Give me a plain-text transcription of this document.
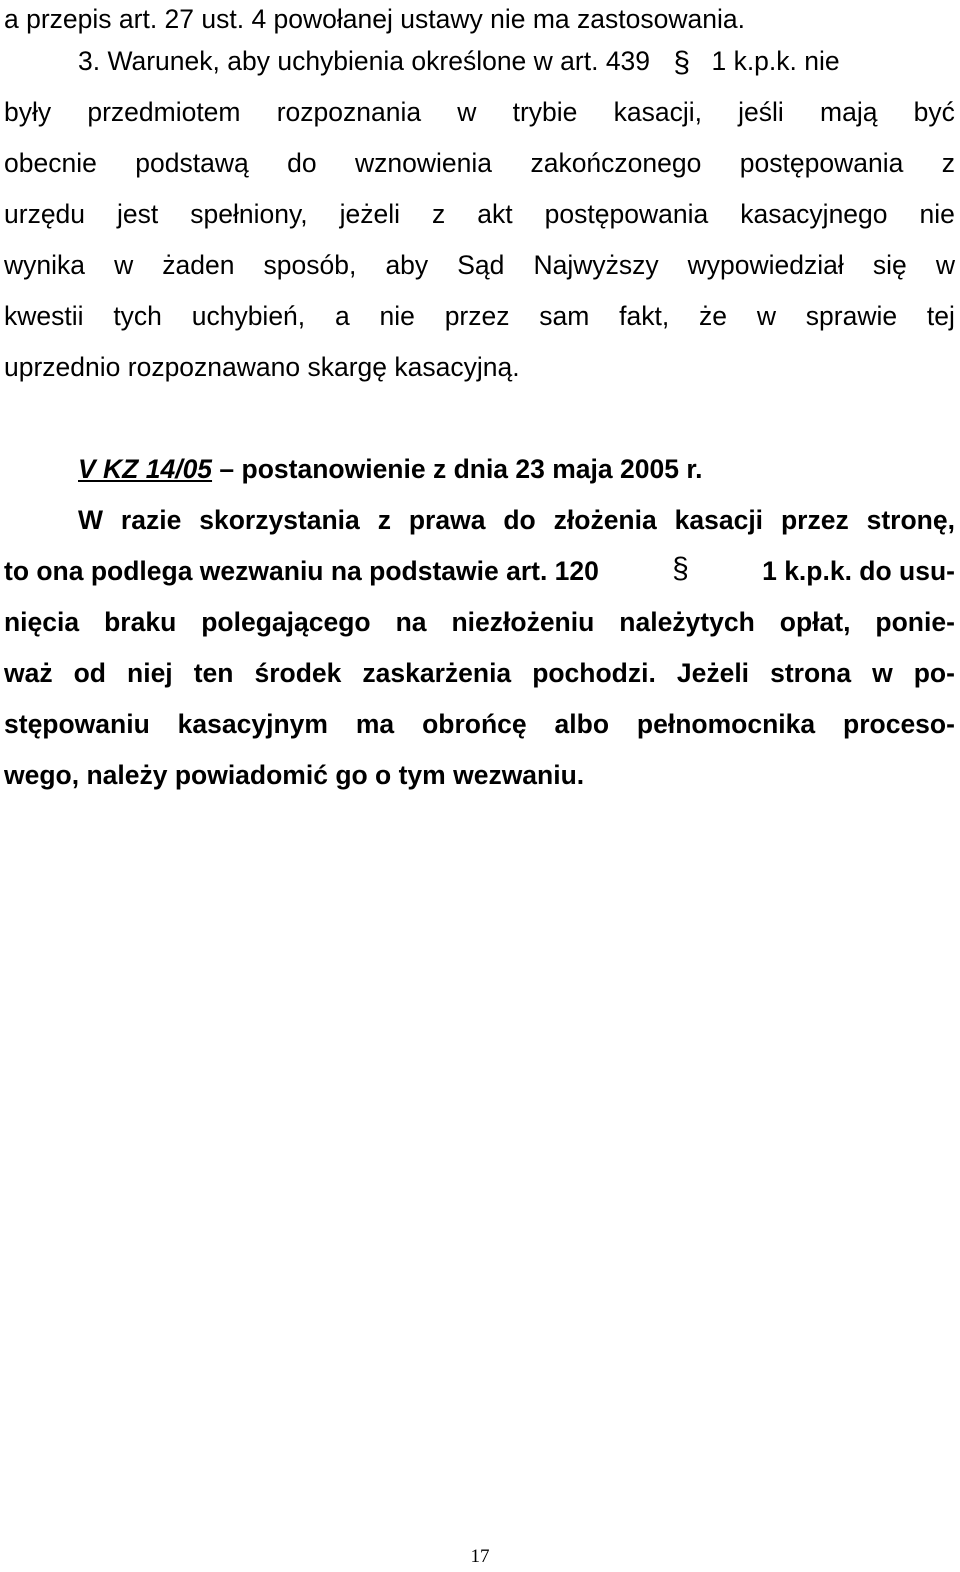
a przepis art. 27 ust. 4 powołanej ustawy nie ma zastosowania.
3. Warunek, aby uchybienia określone w art. 439 § 1 k.p.k. nie
były przedmiotem rozpoznania w trybie kasacji, jeśli mają być
obecnie podstawą do wznowienia zakończonego postępowania z
urzędu jest spełniony, jeżeli z akt postępowania kasacyjnego nie
wynika w żaden sposób, aby Sąd Najwyższy wypowiedział się w
kwestii tych uchybień, a nie przez sam fakt, że w sprawie tej
uprzednio rozpoznawano skargę kasacyjną.
V KZ 14/05 – postanowienie z dnia 23 maja 2005 r.
W razie skorzystania z prawa do złożenia kasacji przez stronę,
to ona podlega wezwaniu na podstawie art. 120 §	1 k.p.k. do usu-
nięcia braku polegającego na niezłożeniu należytych opłat, ponie-
waż od niej ten środek zaskarżenia pochodzi. Jeżeli strona w po-
stępowaniu kasacyjnym ma obrońcę albo pełnomocnika proceso-
wego, należy powiadomić go o tym wezwaniu.
17
